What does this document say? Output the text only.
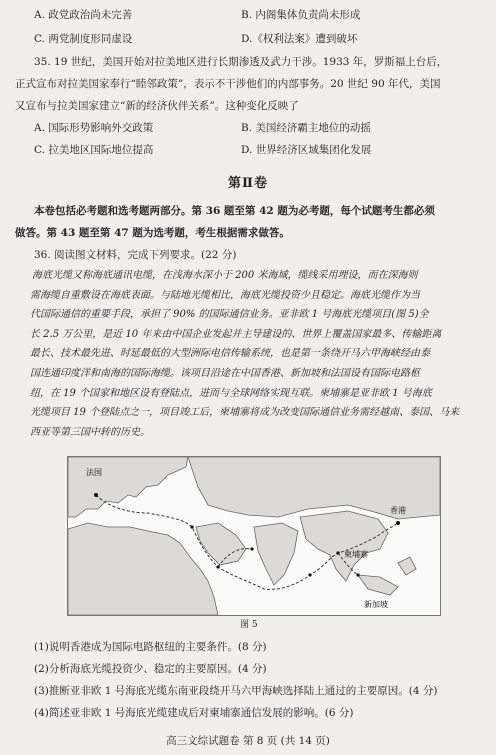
A. 政党政治尚未完善	B. 内阁集体负责尚未形成
C. 两党制度形同虚设	D.《权利法案》遭到破坏
35. 19 世纪，美国开始对拉美地区进行长期渗透及武力干涉。1933 年，罗斯福上台后，
正式宣布对拉美国家奉行“睦邻政策”，表示不干涉他们的内部事务。20 世纪 90 年代，美国
又宣布与拉美国家建立“新的经济伙伴关系”。这种变化反映了
A. 国际形势影响外交政策	B. 美国经济霸主地位的动摇
C. 拉美地区国际地位提高	D. 世界经济区域集团化发展
第Ⅱ卷
本卷包括必考题和选考题两部分。第 36 题至第 42 题为必考题，每个试题考生都必须
做答。第 43 题至第 47 题为选考题，考生根据需求做答。
36. 阅读图文材料，完成下列要求。(22 分)
海底光缆又称海底通讯电缆，在浅海水深小于 200 米海域，缆线采用埋设，而在深海则
需海缆自重敷设在海底表面。与陆地光缆相比，海底光缆投资少且稳定。海底光缆作为当
代国际通信的重要手段，承担了 90% 的国际通信业务。亚非欧 1 号海底光缆项目(图 5)全
长 2.5 万公里，是近 10 年来由中国企业发起并主导建设的、世界上覆盖国家最多、传输距离
最长、技术最先进、时延最低的大型洲际电信传输系统，也是第一条绕开马六甲海峡经由泰
国连通印度洋和南海的国际海缆。该项目沿途在中国香港、新加坡和法国设有国际电路枢
纽，在 19 个国家和地区设有登陆点，进而与全球网络实现互联。柬埔寨是亚非欧 1 号海底
光缆项目 19 个登陆点之一，项目竣工后，柬埔寨将成为改变国际通信业务需经越南、泰国、马来
西亚等第三国中转的历史。
法国
香港
柬埔寨
新加坡
图 5
(1)说明香港成为国际电路枢纽的主要条件。(8 分)
(2)分析海底光缆投资少、稳定的主要原因。(4 分)
(3)推断亚非欧 1 号海底光缆东南亚段绕开马六甲海峡选择陆上通过的主要原因。(4 分)
(4)简述亚非欧 1 号海底光缆建成后对柬埔寨通信发展的影响。(6 分)
高三文综试题卷 第 8 页 (共 14 页)
